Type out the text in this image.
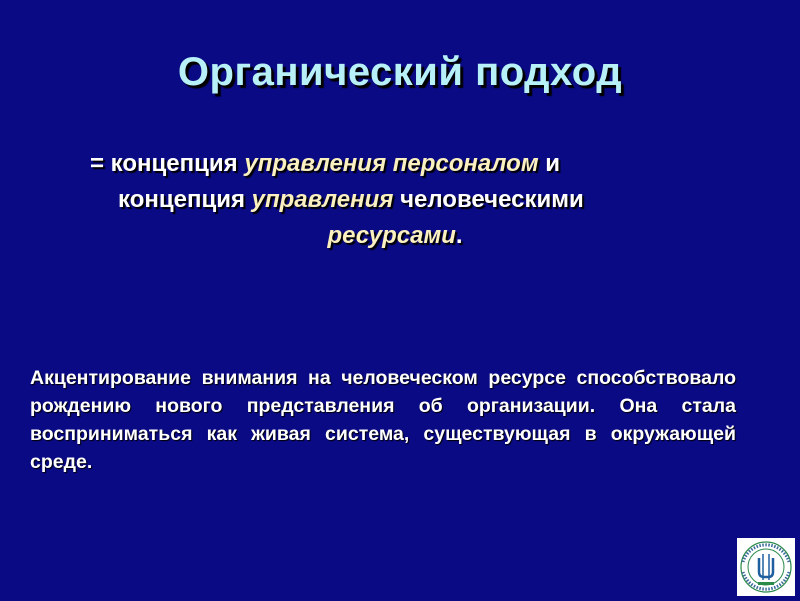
Органический подход

= концепция управления персоналом и
концепция управления человеческими
ресурсами.

Акцентирование внимания на человеческом ресурсе способствовало рождению нового представления об организации. Она стала восприниматься как живая система, существующая в окружающей среде.
